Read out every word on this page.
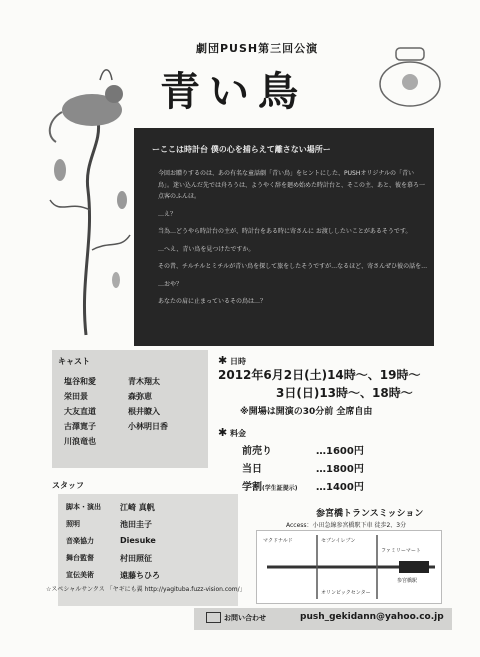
劇団PUSH第三回公演
青い鳥
ーここは時計台 僕の心を捕らえて離さない場所ー
今回お贈りするのは、あの有名な童話劇「青い鳥」をヒントにした、PUSHオリジナルの「青い鳥」。迷い込んだ先では舟ろうは、ようやく辞を廻め始めた時計台と、そこの主、あと、彼を慕ろ一点客のふんほ。
…え？
当為…どうやら時計台の主が、時計台をある時に寄さんに お渡ししたいことがあるそうです。
…へえ、青い鳥を見つけたですか。
その昔、チルチルとミチルが青い鳥を探して旅をしたそうですが…なるほど、寄さんぜひ彼の話を…
…おや？
あなたの肩に止まっているその鳥は…？
キャスト
塩谷和愛	青木翔太
栄田景	森弥恵
大友直道	根井瞭入
古澤寛子	小林明日香
川浪竜也
スタッフ
脚本・演出	江崎 真帆
照明	池田圭子
音楽協力	Diesuke
舞台監督	村田照征
宣伝美術	遠藤ちひろ
☆スペシャルサンクス 「ヤギにも翼 http://yagituba.fuzz-vision.com/」
✱ 日時
2012年6月2日(土)14時〜、19時〜
3日(日)13時〜、18時〜
※開場は開演の30分前 全席自由
✱ 料金
前売り	…1600円
当日	…1800円
学割(学生証提示)	…1400円
参宮橋トランスミッション
Access：小田急線参宮橋駅下車 徒歩2、3分
マクドナルド	セブンイレブン
ファミリーマート
オリンピックセンター
参宮橋駅
お問い合わせ	push_gekidann@yahoo.co.jp
